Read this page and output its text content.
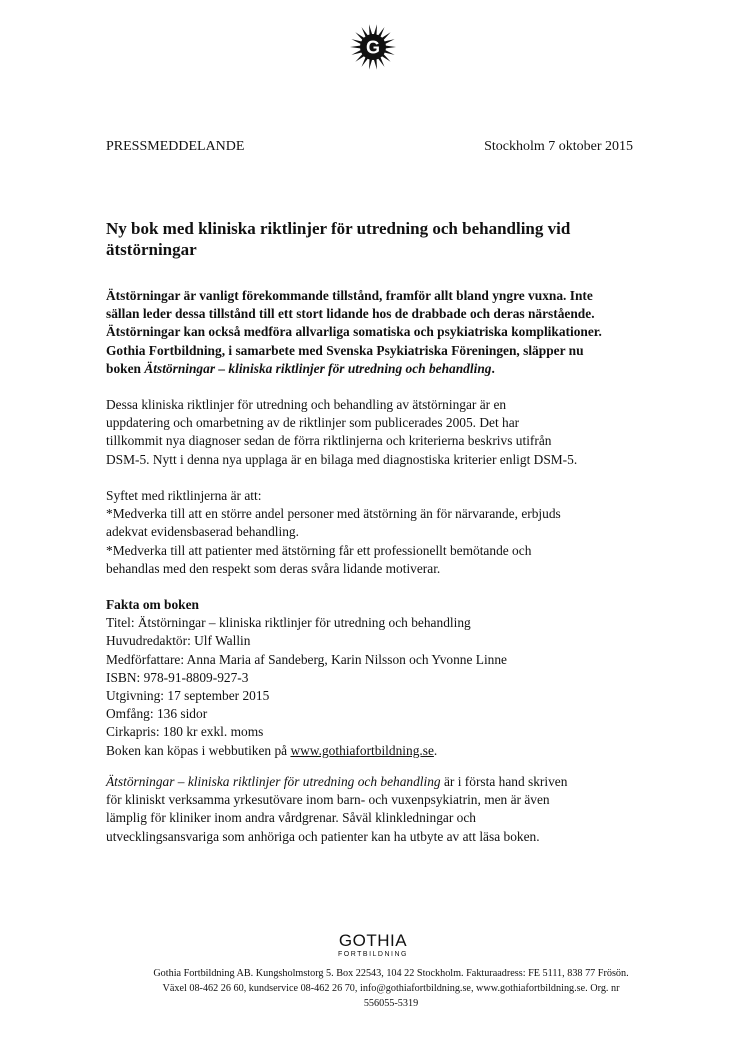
G
PRESSMEDDELANDE	Stockholm 7 oktober 2015
Ny bok med kliniska riktlinjer för utredning och behandling vid
ätstörningar

Ätstörningar är vanligt förekommande tillstånd, framför allt bland yngre vuxna. Inte
sällan leder dessa tillstånd till ett stort lidande hos de drabbade och deras närstående.
Ätstörningar kan också medföra allvarliga somatiska och psykiatriska komplikationer.
Gothia Fortbildning, i samarbete med Svenska Psykiatriska Föreningen, släpper nu
boken Ätstörningar – kliniska riktlinjer för utredning och behandling.

Dessa kliniska riktlinjer för utredning och behandling av ätstörningar är en
uppdatering och omarbetning av de riktlinjer som publicerades 2005. Det har
tillkommit nya diagnoser sedan de förra riktlinjerna och kriterierna beskrivs utifrån
DSM-5. Nytt i denna nya upplaga är en bilaga med diagnostiska kriterier enligt DSM-5.

Syftet med riktlinjerna är att:
*Medverka till att en större andel personer med ätstörning än för närvarande, erbjuds
adekvat evidensbaserad behandling.
*Medverka till att patienter med ätstörning får ett professionellt bemötande och
behandlas med den respekt som deras svåra lidande motiverar.

Fakta om boken
Titel: Ätstörningar – kliniska riktlinjer för utredning och behandling
Huvudredaktör: Ulf Wallin
Medförfattare: Anna Maria af Sandeberg, Karin Nilsson och Yvonne Linne
ISBN: 978-91-8809-927-3
Utgivning: 17 september 2015
Omfång: 136 sidor
Cirkapris: 180 kr exkl. moms
Boken kan köpas i webbutiken på www.gothiafortbildning.se.

Ätstörningar – kliniska riktlinjer för utredning och behandling är i första hand skriven
för kliniskt verksamma yrkesutövare inom barn- och vuxenpsykiatrin, men är även
lämplig för kliniker inom andra vårdgrenar. Såväl klinkledningar och
utvecklingsansvariga som anhöriga och patienter kan ha utbyte av att läsa boken.

GOTHIA
FORTBILDNING
Gothia Fortbildning AB. Kungsholmstorg 5. Box 22543, 104 22 Stockholm. Fakturaadress: FE 5111, 838 77 Frösön.
Växel 08-462 26 60, kundservice 08-462 26 70, info@gothiafortbildning.se, www.gothiafortbildning.se. Org. nr
556055-5319
